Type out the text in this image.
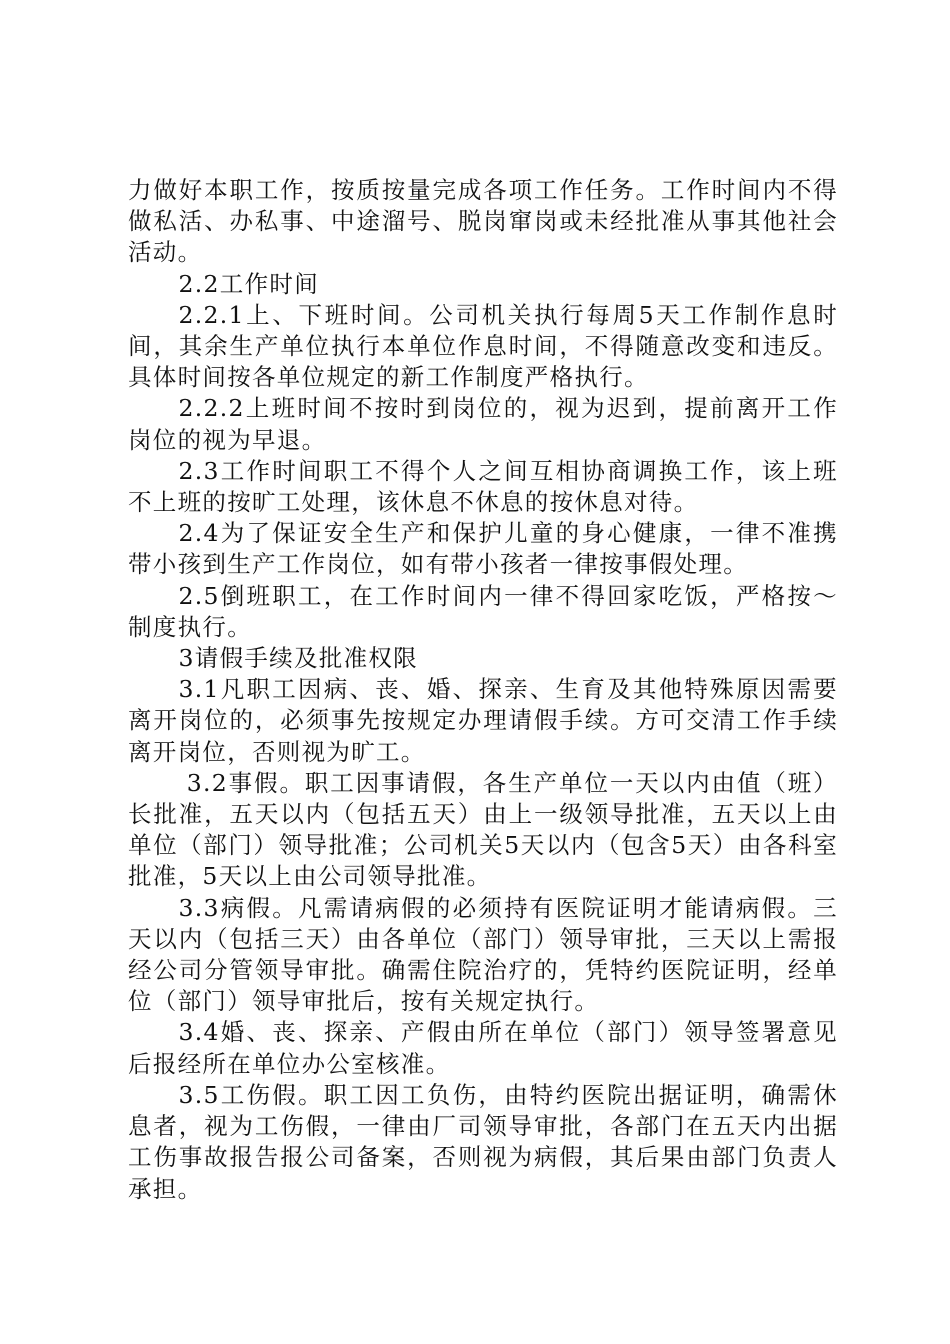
力做好本职工作，按质按量完成各项工作任务。工作时间内不得做私活、办私事、中途溜号、脱岗窜岗或未经批准从事其他社会活动。

2.2工作时间

2.2.1上、下班时间。公司机关执行每周5天工作制作息时间，其余生产单位执行本单位作息时间，不得随意改变和违反。具体时间按各单位规定的新工作制度严格执行。

2.2.2上班时间不按时到岗位的，视为迟到，提前离开工作岗位的视为早退。

2.3工作时间职工不得个人之间互相协商调换工作，该上班不上班的按旷工处理，该休息不休息的按休息对待。

2.4为了保证安全生产和保护儿童的身心健康，一律不准携带小孩到生产工作岗位，如有带小孩者一律按事假处理。

2.5倒班职工，在工作时间内一律不得回家吃饭，严格按～制度执行。

3请假手续及批准权限

3.1凡职工因病、丧、婚、探亲、生育及其他特殊原因需要离开岗位的，必须事先按规定办理请假手续。方可交清工作手续离开岗位，否则视为旷工。

3.2事假。职工因事请假，各生产单位一天以内由值（班）长批准，五天以内（包括五天）由上一级领导批准，五天以上由单位（部门）领导批准；公司机关5天以内（包含5天）由各科室批准，5天以上由公司领导批准。

3.3病假。凡需请病假的必须持有医院证明才能请病假。三天以内（包括三天）由各单位（部门）领导审批，三天以上需报经公司分管领导审批。确需住院治疗的，凭特约医院证明，经单位（部门）领导审批后，按有关规定执行。

3.4婚、丧、探亲、产假由所在单位（部门）领导签署意见后报经所在单位办公室核准。

3.5工伤假。职工因工负伤，由特约医院出据证明，确需休息者，视为工伤假，一律由厂司领导审批，各部门在五天内出据工伤事故报告报公司备案，否则视为病假，其后果由部门负责人承担。
